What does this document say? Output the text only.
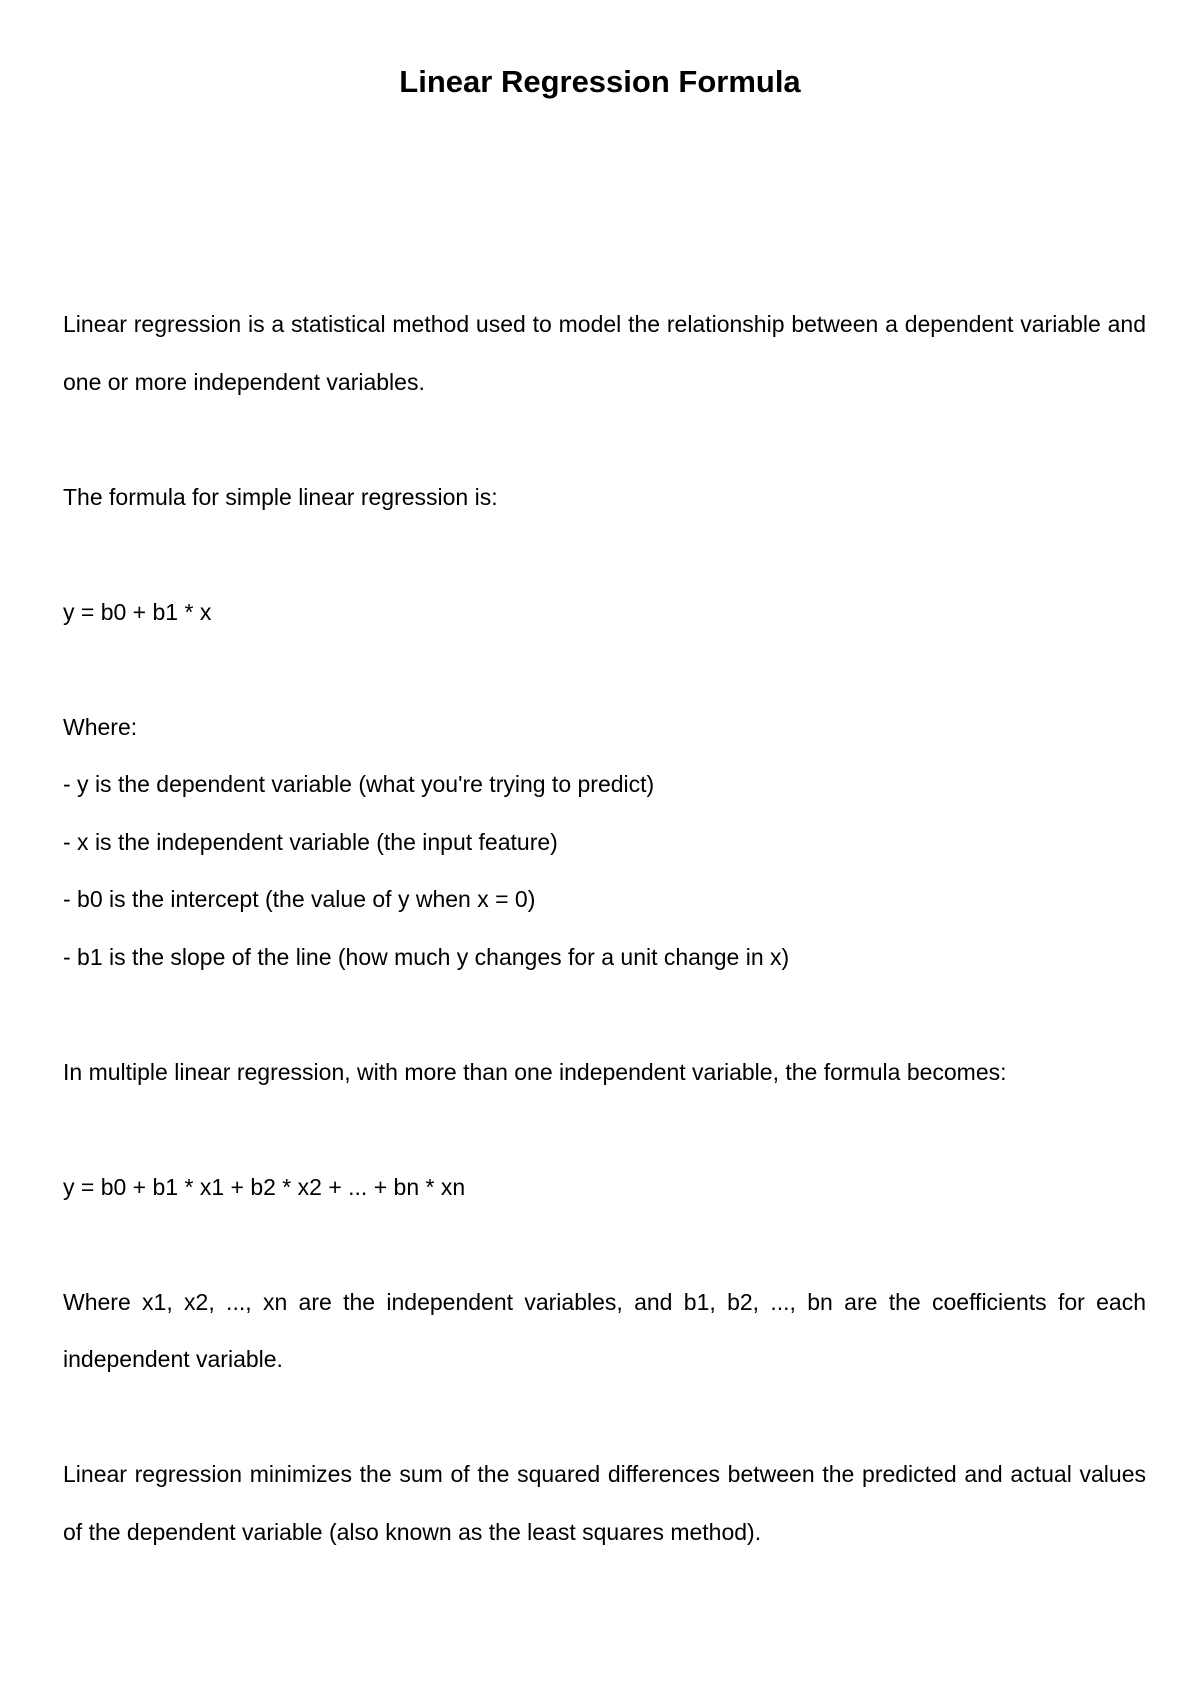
Linear Regression Formula

Linear regression is a statistical method used to model the relationship between a dependent variable and one or more independent variables.

The formula for simple linear regression is:

y = b0 + b1 * x

Where:

- y is the dependent variable (what you're trying to predict)

- x is the independent variable (the input feature)

- b0 is the intercept (the value of y when x = 0)

- b1 is the slope of the line (how much y changes for a unit change in x)

In multiple linear regression, with more than one independent variable, the formula becomes:

y = b0 + b1 * x1 + b2 * x2 + ... + bn * xn

Where x1, x2, ..., xn are the independent variables, and b1, b2, ..., bn are the coefficients for each independent variable.

Linear regression minimizes the sum of the squared differences between the predicted and actual values of the dependent variable (also known as the least squares method).
